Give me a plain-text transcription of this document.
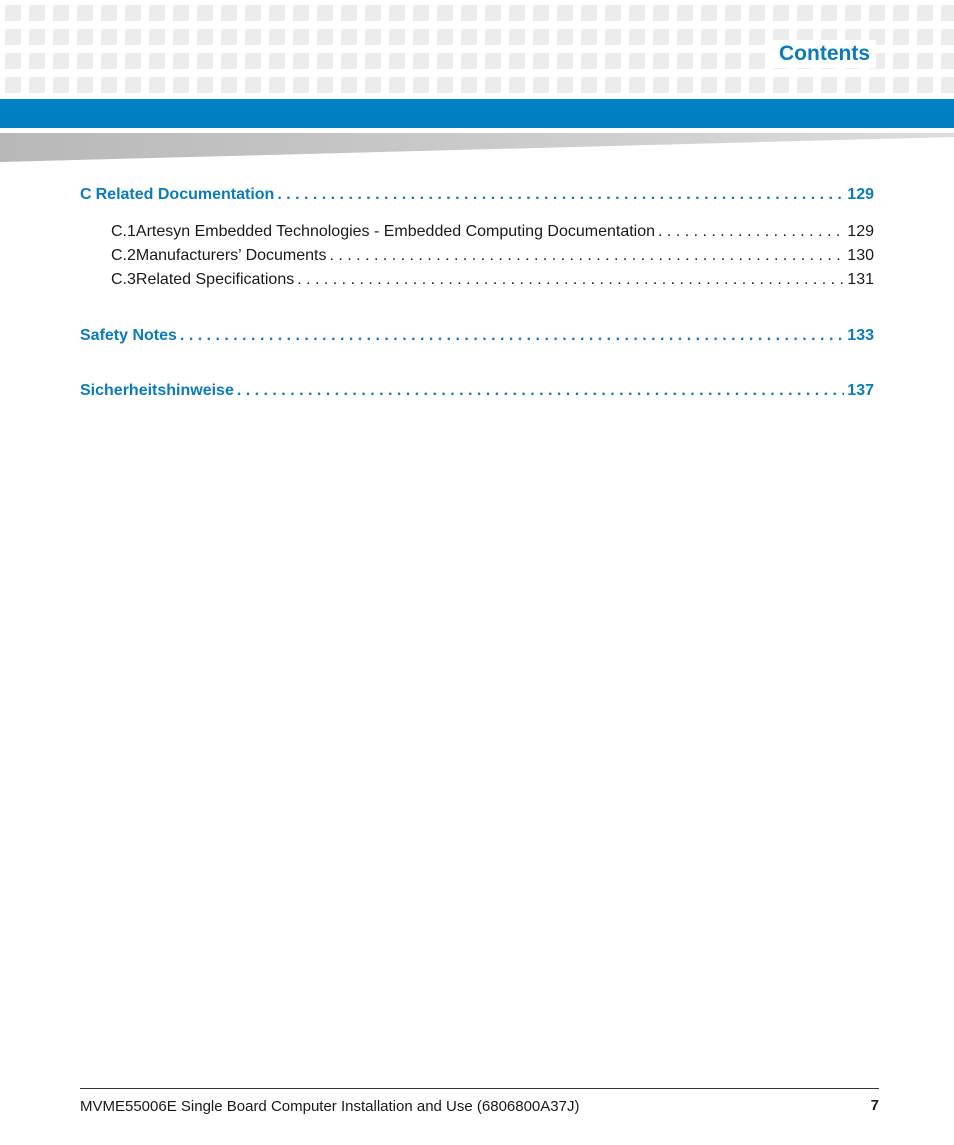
Contents
C Related Documentation . . .	129
C.1 Artesyn Embedded Technologies - Embedded Computing Documentation . . .	129
C.2 Manufacturers’ Documents . . .	130
C.3 Related Specifications . . .	131
Safety Notes . . .	133
Sicherheitshinweise . . .	137
MVME55006E Single Board Computer Installation and Use (6806800A37J)	7
